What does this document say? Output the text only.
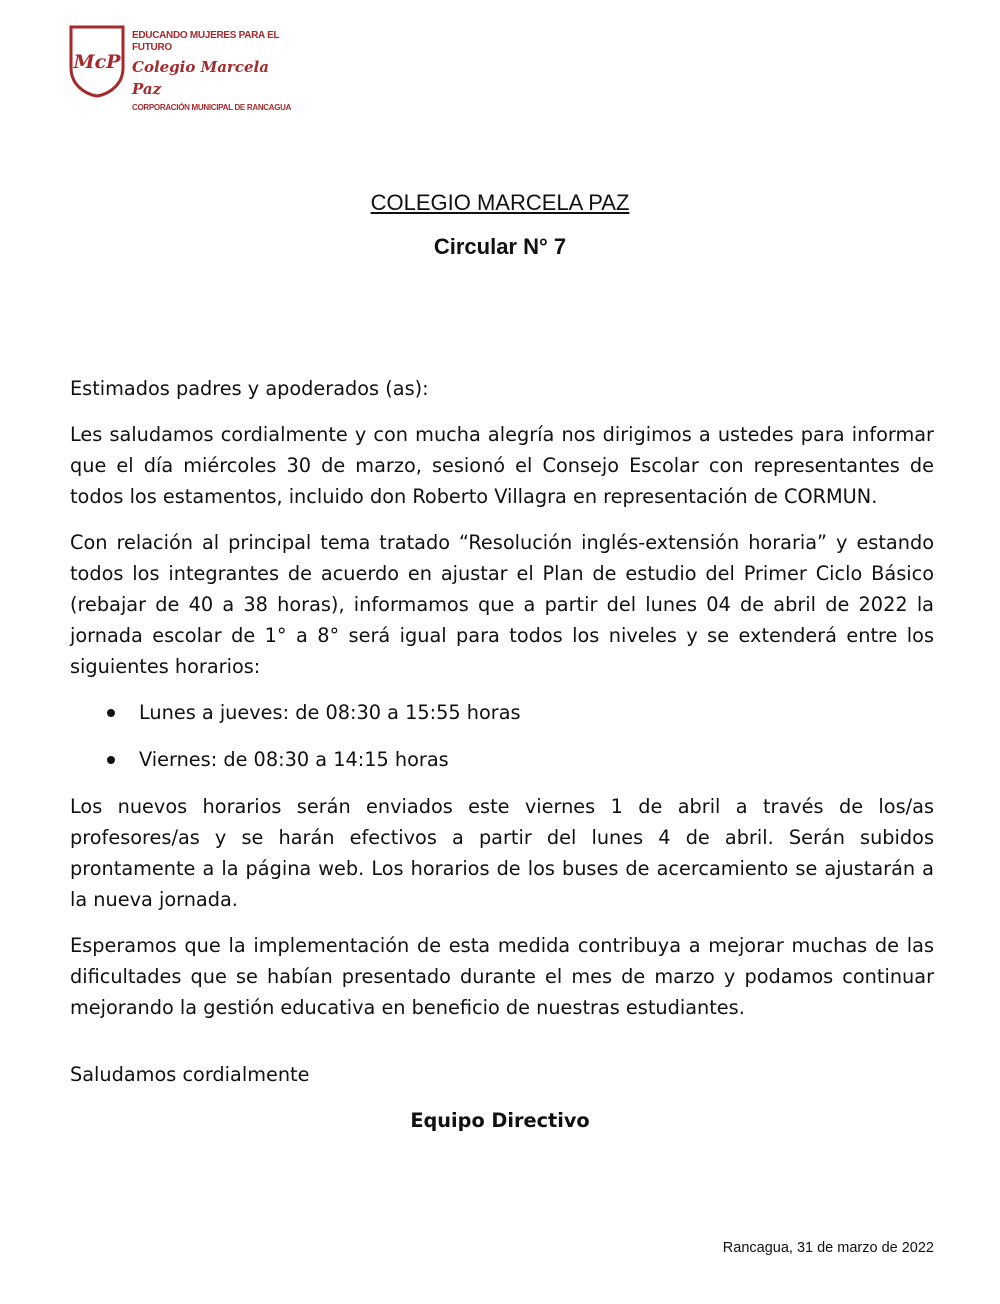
McP
EDUCANDO MUJERES PARA EL FUTURO
Colegio Marcela Paz
CORPORACIÓN MUNICIPAL DE RANCAGUA
COLEGIO MARCELA PAZ
Circular N° 7

Estimados padres y apoderados (as):

Les saludamos cordialmente y con mucha alegría nos dirigimos a ustedes para informar que el día miércoles 30 de marzo, sesionó el Consejo Escolar con representantes de todos los estamentos, incluido don Roberto Villagra en representación de CORMUN.

Con relación al principal tema tratado “Resolución inglés-extensión horaria” y estando todos los integrantes de acuerdo en ajustar el Plan de estudio del Primer Ciclo Básico (rebajar de 40 a 38 horas), informamos que a partir del lunes 04 de abril de 2022 la jornada escolar de 1° a 8° será igual para todos los niveles y se extenderá entre los siguientes horarios:

Lunes a jueves: de 08:30 a 15:55 horas
Viernes: de 08:30 a 14:15 horas

Los nuevos horarios serán enviados este viernes 1 de abril a través de los/as profesores/as y se harán efectivos a partir del lunes 4 de abril. Serán subidos prontamente a la página web. Los horarios de los buses de acercamiento se ajustarán a la nueva jornada.

Esperamos que la implementación de esta medida contribuya a mejorar muchas de las dificultades que se habían presentado durante el mes de marzo y podamos continuar mejorando la gestión educativa en beneficio de nuestras estudiantes.

Saludamos cordialmente
Equipo Directivo
Rancagua, 31 de marzo de 2022
